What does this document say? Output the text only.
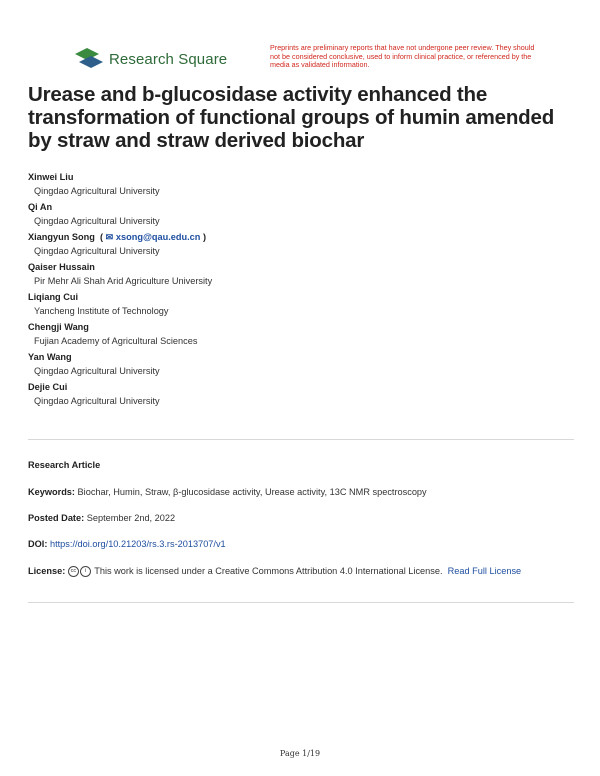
Research Square
Preprints are preliminary reports that have not undergone peer review. They should not be considered conclusive, used to inform clinical practice, or referenced by the media as validated information.
Urease and b-glucosidase activity enhanced the transformation of functional groups of humin amended by straw and straw derived biochar
Xinwei Liu
Qingdao Agricultural University
Qi An
Qingdao Agricultural University
Xiangyun Song  ( ✉ xsong@qau.edu.cn )
Qingdao Agricultural University
Qaiser Hussain
Pir Mehr Ali Shah Arid Agriculture University
Liqiang Cui
Yancheng Institute of Technology
Chengji Wang
Fujian Academy of Agricultural Sciences
Yan Wang
Qingdao Agricultural University
Dejie Cui
Qingdao Agricultural University
Research Article
Keywords: Biochar, Humin, Straw, β-glucosidase activity, Urease activity, 13C NMR spectroscopy
Posted Date: September 2nd, 2022
DOI: https://doi.org/10.21203/rs.3.rs-2013707/v1
License: cc i This work is licensed under a Creative Commons Attribution 4.0 International License. Read Full License
Page 1/19
